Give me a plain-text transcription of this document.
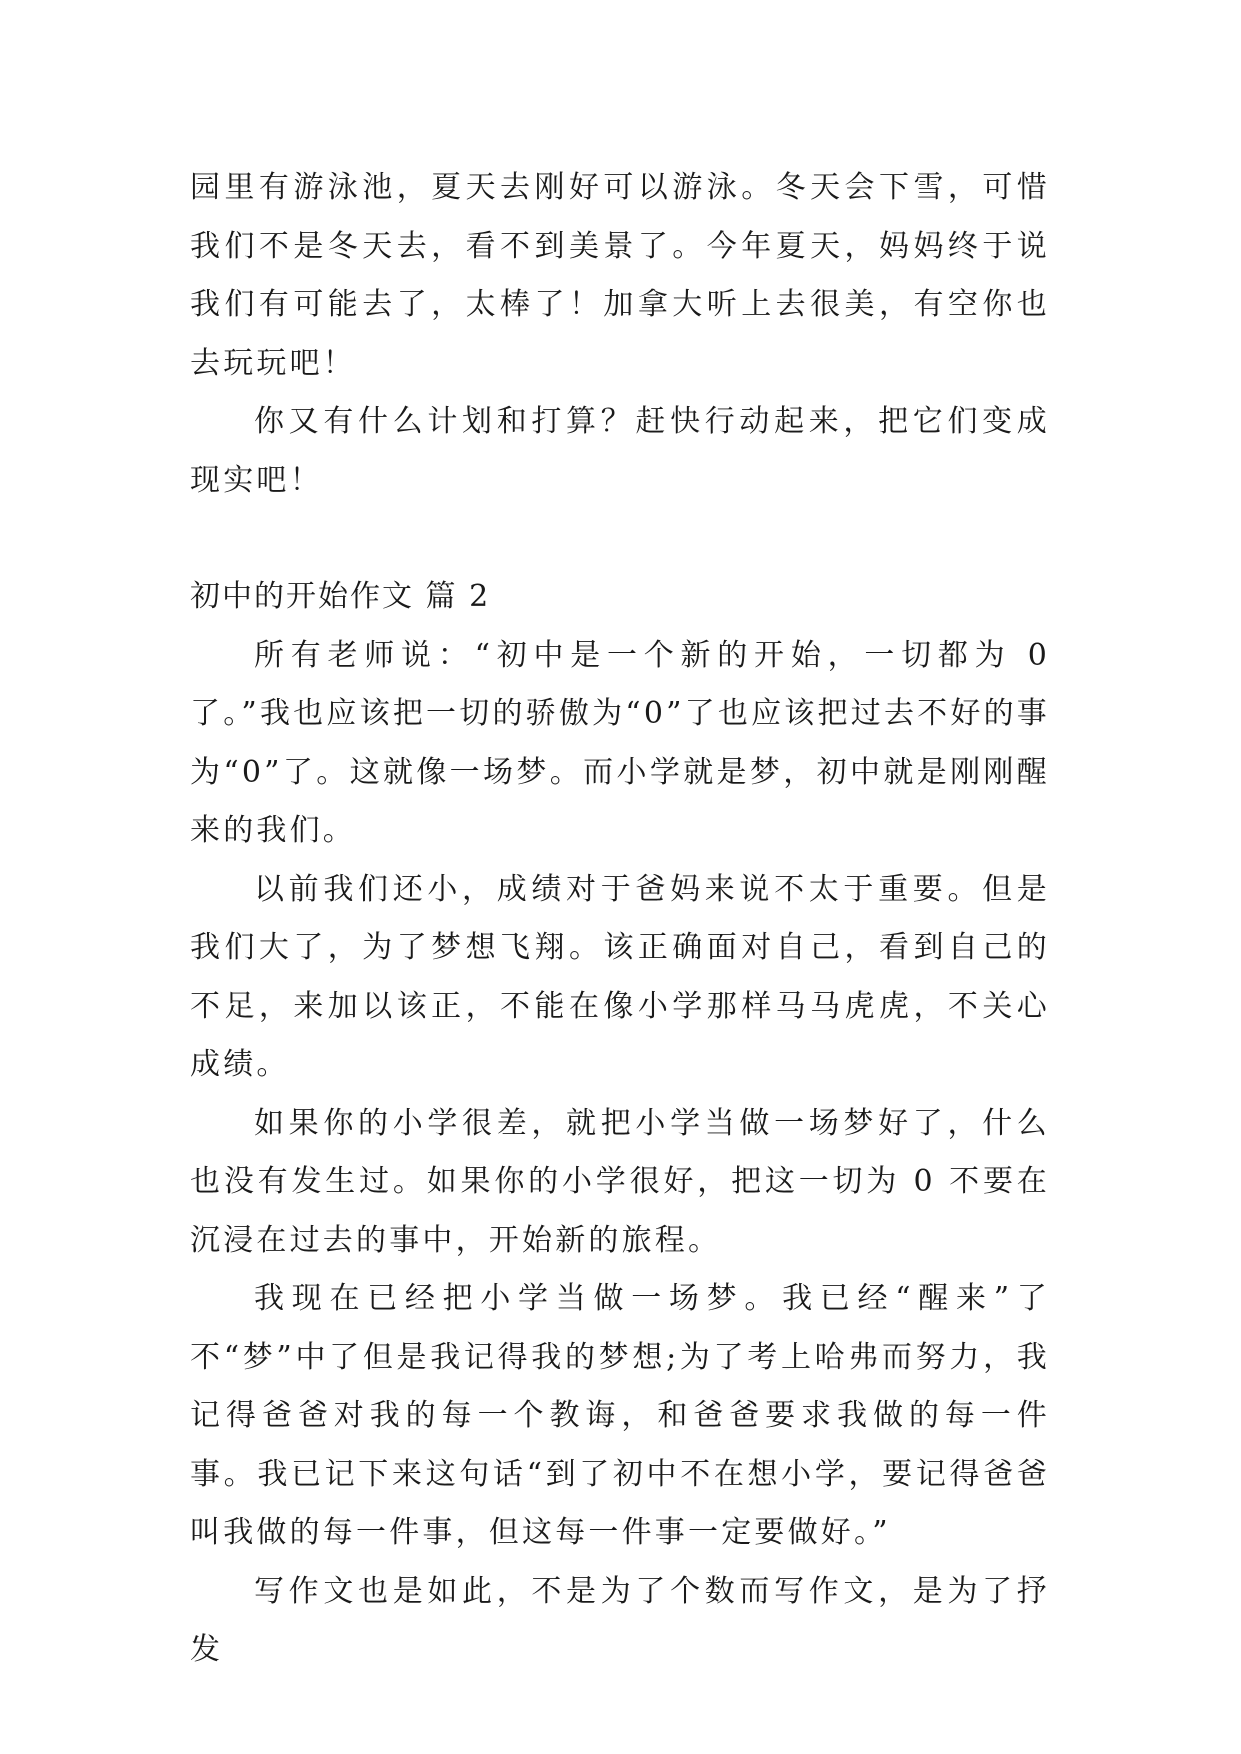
园里有游泳池，夏天去刚好可以游泳。冬天会下雪，可惜我们不是冬天去，看不到美景了。今年夏天，妈妈终于说我们有可能去了，太棒了！加拿大听上去很美，有空你也去玩玩吧！

你又有什么计划和打算？赶快行动起来，把它们变成现实吧！

初中的开始作文 篇 2

所有老师说：“初中是一个新的开始，一切都为 0 了。”我也应该把一切的骄傲为“0”了也应该把过去不好的事为“0”了。这就像一场梦。而小学就是梦，初中就是刚刚醒来的我们。

以前我们还小，成绩对于爸妈来说不太于重要。但是我们大了，为了梦想飞翔。该正确面对自己，看到自己的不足，来加以该正，不能在像小学那样马马虎虎，不关心成绩。

如果你的小学很差，就把小学当做一场梦好了，什么也没有发生过。如果你的小学很好，把这一切为 0 不要在沉浸在过去的事中，开始新的旅程。

我现在已经把小学当做一场梦。我已经“醒来”了不“梦”中了但是我记得我的梦想;为了考上哈弗而努力，我记得爸爸对我的每一个教诲，和爸爸要求我做的每一件事。我已记下来这句话“到了初中不在想小学，要记得爸爸叫我做的每一件事，但这每一件事一定要做好。”

写作文也是如此，不是为了个数而写作文，是为了抒发
